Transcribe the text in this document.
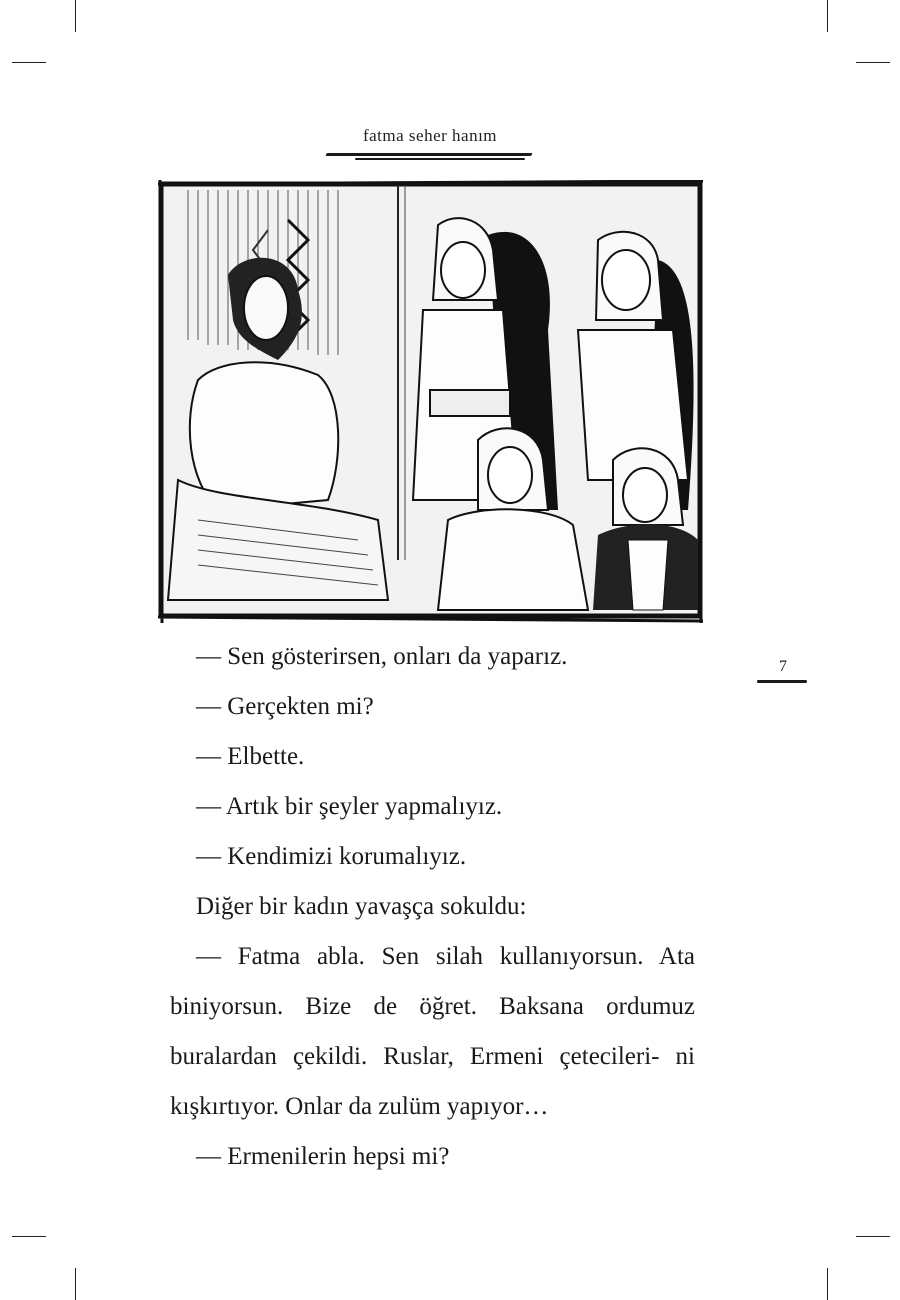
fatma seher hanım
7

— Sen gösterirsen, onları da yaparız.

— Gerçekten mi?

— Elbette.

— Artık bir şeyler yapmalıyız.

— Kendimizi korumalıyız.

Diğer bir kadın yavaşça sokuldu:

— Fatma abla. Sen silah kullanıyorsun. Ata biniyorsun. Bize de öğret. Baksana ordumuz buralardan çekildi. Ruslar, Ermeni çetecileri- ni kışkırtıyor. Onlar da zulüm yapıyor…

— Ermenilerin hepsi mi?
